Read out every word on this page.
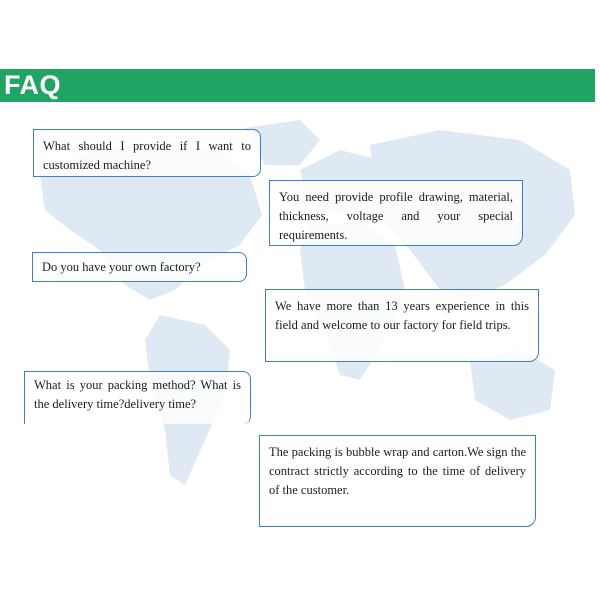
FAQ
What should I provide if I want to customized machine?
You need provide profile drawing, material, thickness, voltage and your special requirements.
Do you have your own factory?
We have more than 13 years experience in this field and welcome to our factory for field trips.
What is your packing method? What is the delivery time?delivery time?
The packing is bubble wrap and carton.We sign the contract strictly according to the time of delivery of the customer.
